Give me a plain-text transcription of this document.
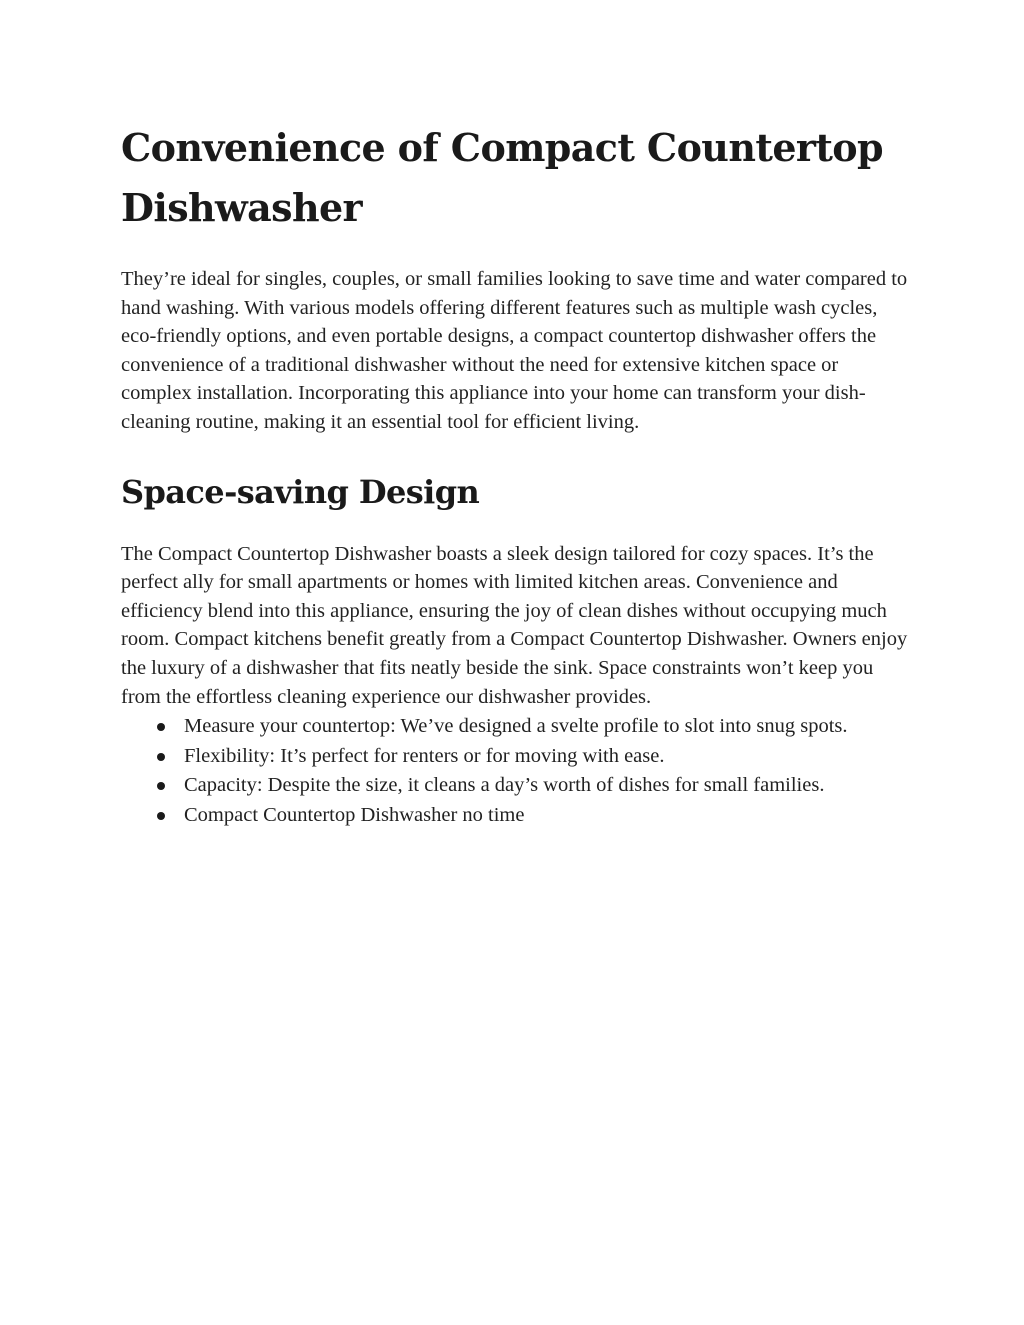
Convenience of Compact Countertop Dishwasher

They’re ideal for singles, couples, or small families looking to save time and water compared to hand washing. With various models offering different features such as multiple wash cycles, eco-friendly options, and even portable designs, a compact countertop dishwasher offers the convenience of a traditional dishwasher without the need for extensive kitchen space or complex installation. Incorporating this appliance into your home can transform your dish-cleaning routine, making it an essential tool for efficient living.

Space-saving Design

The Compact Countertop Dishwasher boasts a sleek design tailored for cozy spaces. It’s the perfect ally for small apartments or homes with limited kitchen areas. Convenience and efficiency blend into this appliance, ensuring the joy of clean dishes without occupying much room. Compact kitchens benefit greatly from a Compact Countertop Dishwasher. Owners enjoy the luxury of a dishwasher that fits neatly beside the sink. Space constraints won’t keep you from the effortless cleaning experience our dishwasher provides.

Measure your countertop: We’ve designed a svelte profile to slot into snug spots.
Flexibility: It’s perfect for renters or for moving with ease.
Capacity: Despite the size, it cleans a day’s worth of dishes for small families.
Compact Countertop Dishwasher no time
